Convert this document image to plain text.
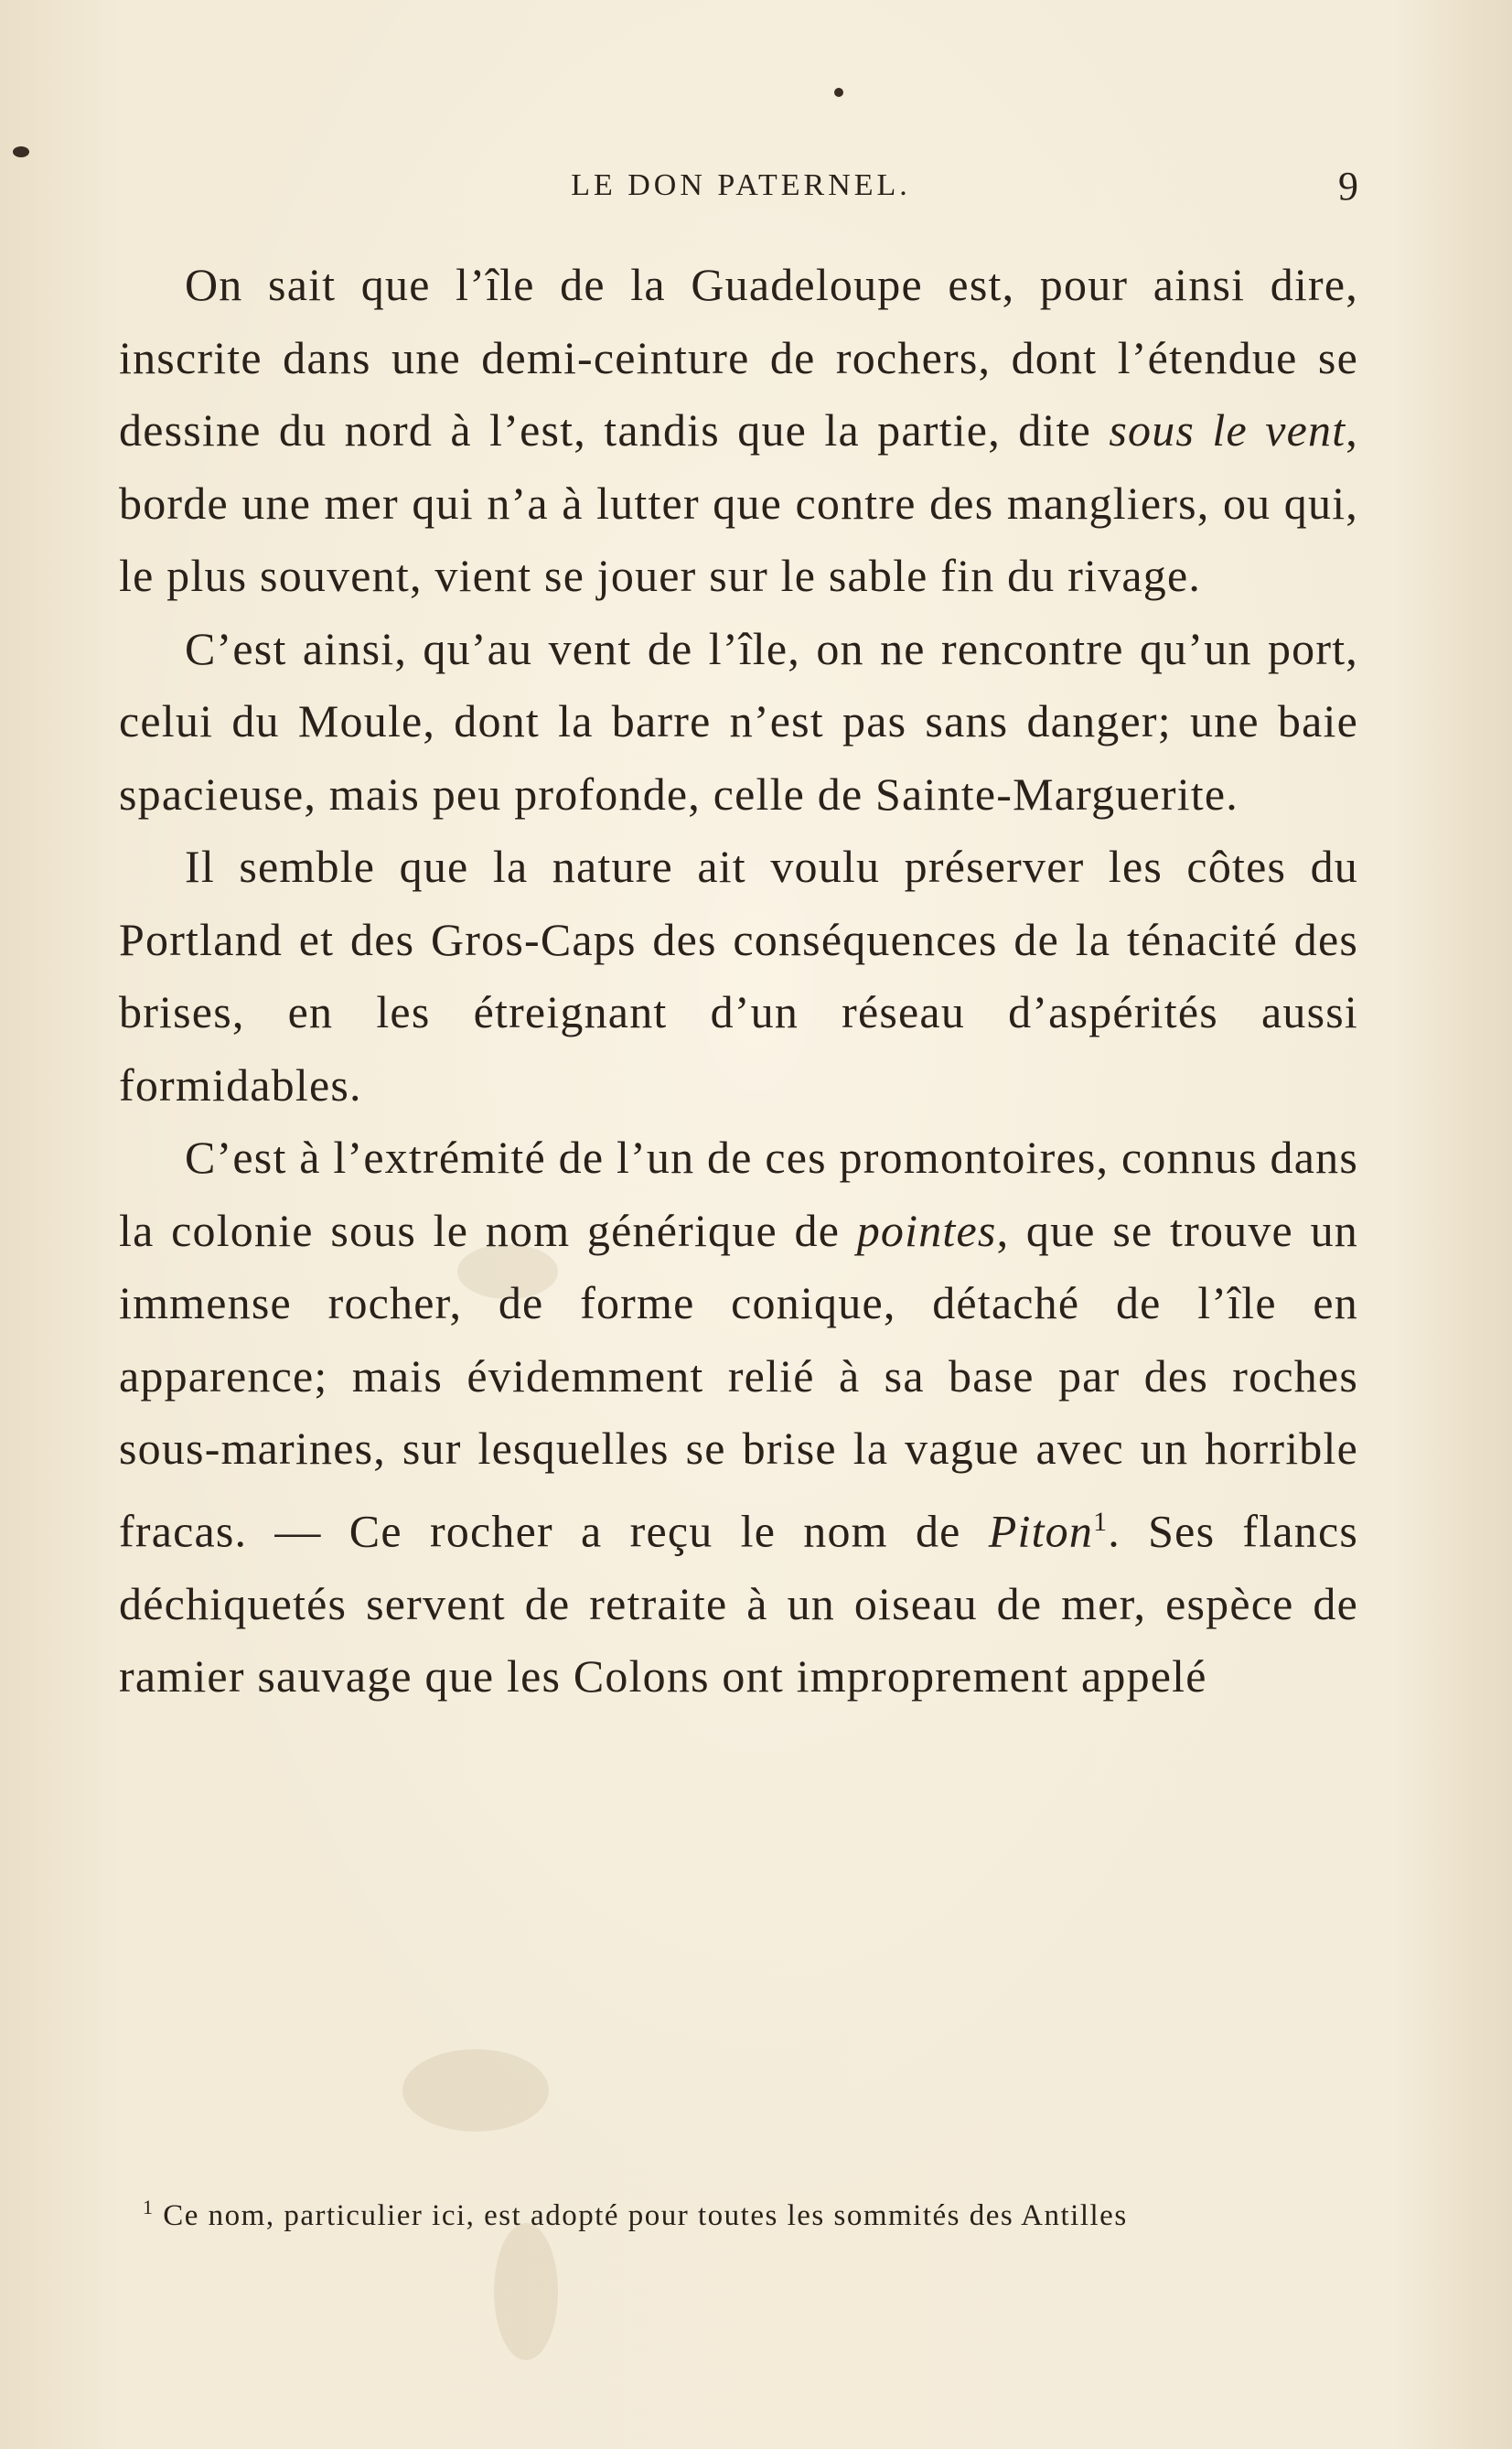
LE DON PATERNEL.	9

On sait que l’île de la Guadeloupe est, pour ainsi dire, inscrite dans une demi-ceinture de rochers, dont l’étendue se dessine du nord à l’est, tandis que la partie, dite sous le vent, borde une mer qui n’a à lutter que contre des mangliers, ou qui, le plus souvent, vient se jouer sur le sable fin du rivage.

C’est ainsi, qu’au vent de l’île, on ne rencontre qu’un port, celui du Moule, dont la barre n’est pas sans danger; une baie spacieuse, mais peu profonde, celle de Sainte-Marguerite.

Il semble que la nature ait voulu préserver les côtes du Portland et des Gros-Caps des conséquences de la ténacité des brises, en les étreignant d’un réseau d’aspérités aussi formidables.

C’est à l’extrémité de l’un de ces promontoires, connus dans la colonie sous le nom générique de pointes, que se trouve un immense rocher, de forme conique, détaché de l’île en apparence; mais évidemment relié à sa base par des roches sous-marines, sur lesquelles se brise la vague avec un horrible fracas. — Ce rocher a reçu le nom de Piton$^1$. Ses flancs déchiquetés servent de retraite à un oiseau de mer, espèce de ramier sauvage que les Colons ont improprement appelé

$^1$ Ce nom, particulier ici, est adopté pour toutes les sommités des Antilles
